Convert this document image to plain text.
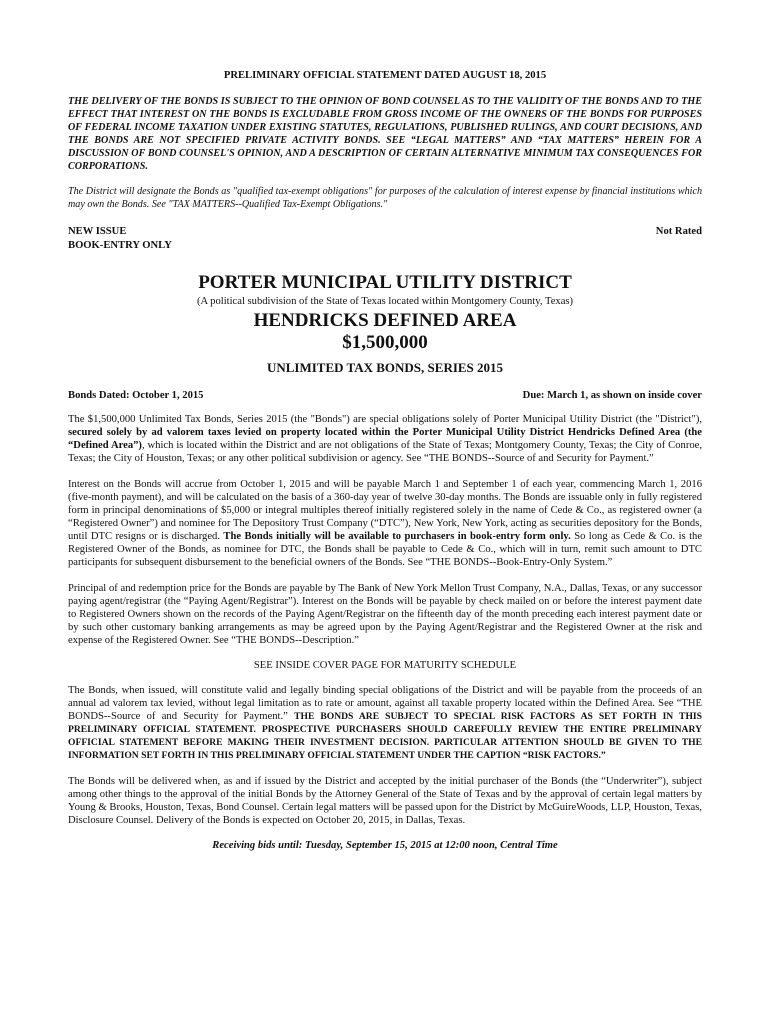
PRELIMINARY OFFICIAL STATEMENT DATED AUGUST 18, 2015

THE DELIVERY OF THE BONDS IS SUBJECT TO THE OPINION OF BOND COUNSEL AS TO THE VALIDITY OF THE BONDS AND TO THE EFFECT THAT INTEREST ON THE BONDS IS EXCLUDABLE FROM GROSS INCOME OF THE OWNERS OF THE BONDS FOR PURPOSES OF FEDERAL INCOME TAXATION UNDER EXISTING STATUTES, REGULATIONS, PUBLISHED RULINGS, AND COURT DECISIONS, AND THE BONDS ARE NOT SPECIFIED PRIVATE ACTIVITY BONDS. SEE “LEGAL MATTERS” AND “TAX MATTERS” HEREIN FOR A DISCUSSION OF BOND COUNSEL'S OPINION, AND A DESCRIPTION OF CERTAIN ALTERNATIVE MINIMUM TAX CONSEQUENCES FOR CORPORATIONS.

The District will designate the Bonds as "qualified tax-exempt obligations" for purposes of the calculation of interest expense by financial institutions which may own the Bonds. See "TAX MATTERS--Qualified Tax-Exempt Obligations."

NEW ISSUE
BOOK-ENTRY ONLY
Not Rated

PORTER MUNICIPAL UTILITY DISTRICT

(A political subdivision of the State of Texas located within Montgomery County, Texas)

HENDRICKS DEFINED AREA

$1,500,000

UNLIMITED TAX BONDS, SERIES 2015

Bonds Dated: October 1, 2015	Due: March 1, as shown on inside cover

The $1,500,000 Unlimited Tax Bonds, Series 2015 (the "Bonds") are special obligations solely of Porter Municipal Utility District (the "District"), secured solely by ad valorem taxes levied on property located within the Porter Municipal Utility District Hendricks Defined Area (the “Defined Area”), which is located within the District and are not obligations of the State of Texas; Montgomery County, Texas; the City of Conroe, Texas; the City of Houston, Texas; or any other political subdivision or agency. See “THE BONDS--Source of and Security for Payment.”

Interest on the Bonds will accrue from October 1, 2015 and will be payable March 1 and September 1 of each year, commencing March 1, 2016 (five-month payment), and will be calculated on the basis of a 360-day year of twelve 30-day months. The Bonds are issuable only in fully registered form in principal denominations of $5,000 or integral multiples thereof initially registered solely in the name of Cede & Co., as registered owner (a “Registered Owner”) and nominee for The Depository Trust Company (“DTC”), New York, New York, acting as securities depository for the Bonds, until DTC resigns or is discharged. The Bonds initially will be available to purchasers in book-entry form only. So long as Cede & Co. is the Registered Owner of the Bonds, as nominee for DTC, the Bonds shall be payable to Cede & Co., which will in turn, remit such amount to DTC participants for subsequent disbursement to the beneficial owners of the Bonds. See “THE BONDS--Book-Entry-Only System.”

Principal of and redemption price for the Bonds are payable by The Bank of New York Mellon Trust Company, N.A., Dallas, Texas, or any successor paying agent/registrar (the “Paying Agent/Registrar”). Interest on the Bonds will be payable by check mailed on or before the interest payment date to Registered Owners shown on the records of the Paying Agent/Registrar on the fifteenth day of the month preceding each interest payment date or by such other customary banking arrangements as may be agreed upon by the Paying Agent/Registrar and the Registered Owner at the risk and expense of the Registered Owner. See “THE BONDS--Description.”

SEE INSIDE COVER PAGE FOR MATURITY SCHEDULE

The Bonds, when issued, will constitute valid and legally binding special obligations of the District and will be payable from the proceeds of an annual ad valorem tax levied, without legal limitation as to rate or amount, against all taxable property located within the Defined Area. See “THE BONDS--Source of and Security for Payment.” THE BONDS ARE SUBJECT TO SPECIAL RISK FACTORS AS SET FORTH IN THIS PRELIMINARY OFFICIAL STATEMENT. PROSPECTIVE PURCHASERS SHOULD CAREFULLY REVIEW THE ENTIRE PRELIMINARY OFFICIAL STATEMENT BEFORE MAKING THEIR INVESTMENT DECISION. PARTICULAR ATTENTION SHOULD BE GIVEN TO THE INFORMATION SET FORTH IN THIS PRELIMINARY OFFICIAL STATEMENT UNDER THE CAPTION “RISK FACTORS.”

The Bonds will be delivered when, as and if issued by the District and accepted by the initial purchaser of the Bonds (the “Underwriter”), subject among other things to the approval of the initial Bonds by the Attorney General of the State of Texas and by the approval of certain legal matters by Young & Brooks, Houston, Texas, Bond Counsel. Certain legal matters will be passed upon for the District by McGuireWoods, LLP, Houston, Texas, Disclosure Counsel. Delivery of the Bonds is expected on October 20, 2015, in Dallas, Texas.

Receiving bids until: Tuesday, September 15, 2015 at 12:00 noon, Central Time
